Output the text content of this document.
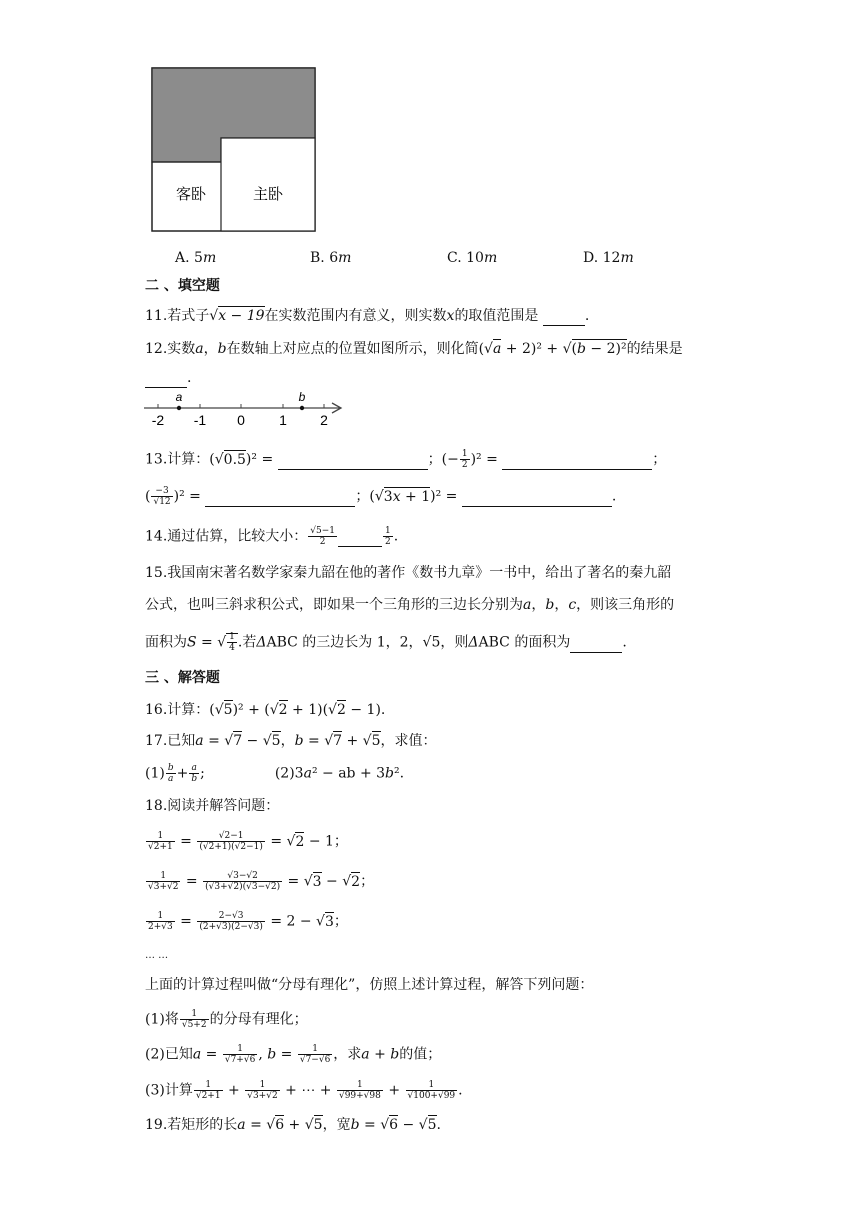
客卧	主卧
A. 5m	B. 6m	C. 10m	D. 12m
二 、填空题
11.若式子√x − 19在实数范围内有意义，则实数x的取值范围是	.
12.实数a，b在数轴上对应点的位置如图所示，则化简(√a + 2)² + √(b − 2)²的结果是
.
a	b
-2 -1 0 1 2
13.计算：(√0.5)² =	；(− $\frac{1}{2} )^2$ =	；
( $\frac{-3}{√12} )^2$ =	；(√3x + 1)² =	.
14.通过估算，比较大小： $\frac{√5-1}{2}$	$\frac{1}{2}$ .
15.我国南宋著名数学家秦九韶在他的著作《数书九章》一书中，给出了著名的秦九韶
公式，也叫三斜求积公式，即如果一个三角形的三边长分别为a，b，c，则该三角形的
面积为S = √ $\frac{1}{4}$ .若ΔABC 的三边长为 1，2，√5，则ΔABC 的面积为	.
三 、解答题
16.计算：(√5)² + (√2 + 1)(√2 − 1).
17.已知a = √7 − √5，b = √7 + √5，求值：
$(1) \frac{b}{a} + \frac{a}{b}$ ;	(2)3a² − ab + 3b².
18.阅读并解答问题：
$\frac{1}{√2+1} = \frac{√2-1}{(√2+1)(√2-1)} = √2 - 1$；
$\frac{1}{√3+√2} = \frac{√3-√2}{(√3+√2)(√3-√2)} = √3 - √2$；
$\frac{1}{2+√3} = \frac{2-√3}{(2+√3)(2-√3)} = 2 - √3$；
… …
上面的计算过程叫做“分母有理化”，仿照上述计算过程，解答下列问题：
(1)将 $\frac{1}{√5+2}$ 的分母有理化；
(2)已知$a = \frac{1}{√7+√6}$ , $b = \frac{1}{√7-√6}$ ，求a + b的值；
(3)计算 $\frac{1}{√2+1} + \frac{1}{√3+√2}$ + ⋯ + $\frac{1}{√99+√98} + \frac{1}{√100+√99}$ .
19.若矩形的长a = √6 + √5，宽b = √6 − √5.
